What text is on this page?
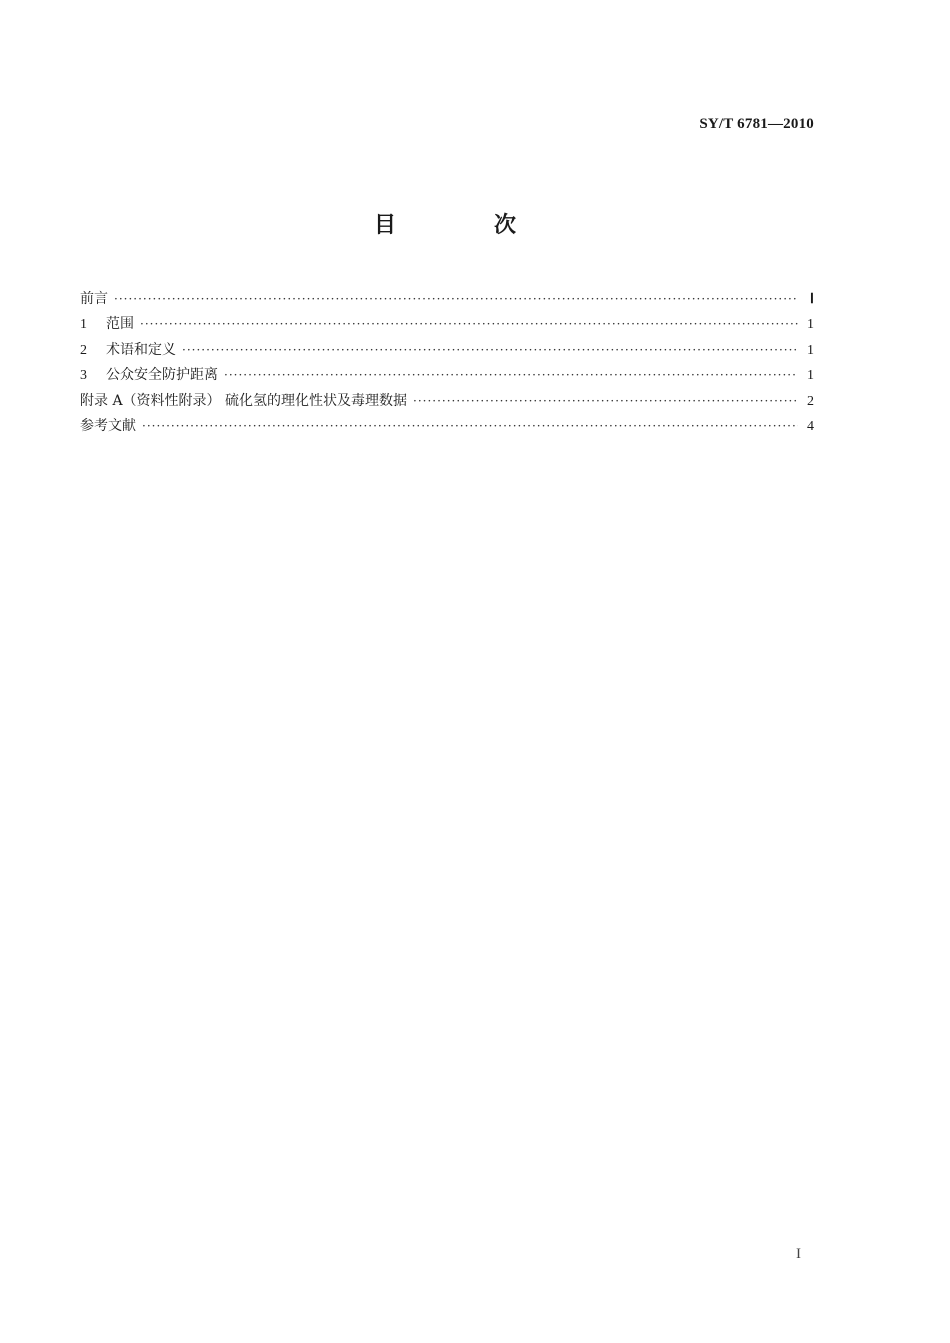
SY/T 6781—2010
目　次
前言 ·····	Ⅰ
1	范围 ·····	1
2	术语和定义 ·····	1
3	公众安全防护距离 ·····	1
附录 A（资料性附录） 硫化氢的理化性状及毒理数据 ·····	2
参考文献 ·····	4
I
